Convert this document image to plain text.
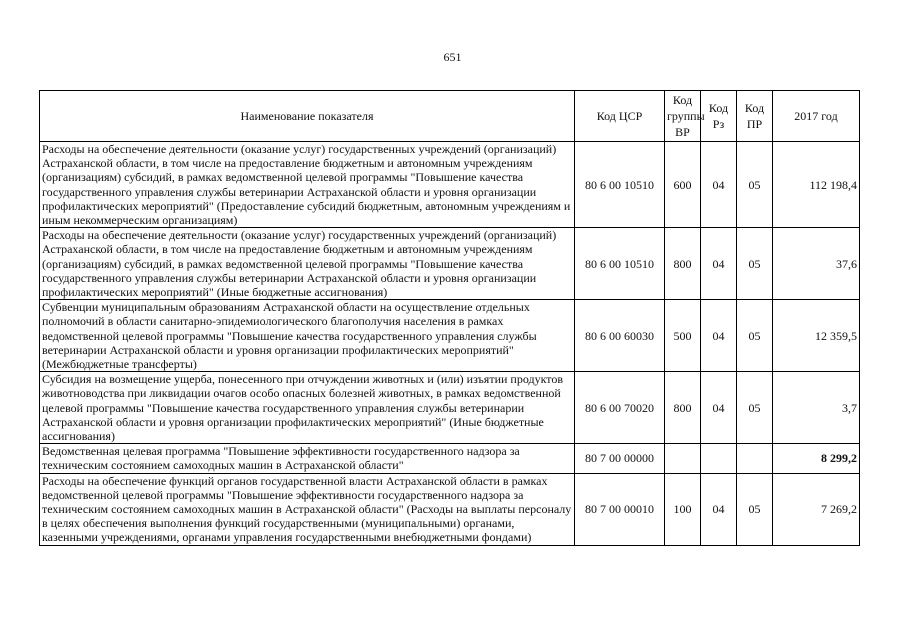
651
Наименование показателя	Код ЦСР	Код группы ВР	Код Рз	Код ПР	2017 год
Расходы на обеспечение деятельности (оказание услуг) государственных учреждений (организаций) Астраханской области, в том числе на предоставление бюджетным и автономным учреждениям (организациям) субсидий, в рамках ведомственной целевой программы "Повышение качества государственного управления службы ветеринарии Астраханской области и уровня организации профилактических мероприятий" (Предоставление субсидий бюджетным, автономным учреждениям и иным некоммерческим организациям)	80 6 00 10510	600	04	05	112 198,4
Расходы на обеспечение деятельности (оказание услуг) государственных учреждений (организаций) Астраханской области, в том числе на предоставление бюджетным и автономным учреждениям (организациям) субсидий, в рамках ведомственной целевой программы "Повышение качества государственного управления службы ветеринарии Астраханской области и уровня организации профилактических мероприятий" (Иные бюджетные ассигнования)	80 6 00 10510	800	04	05	37,6
Субвенции муниципальным образованиям Астраханской области на осуществление отдельных полномочий в области санитарно-эпидемиологического благополучия населения в рамках ведомственной целевой программы "Повышение качества государственного управления службы ветеринарии Астраханской области и уровня организации профилактических мероприятий" (Межбюджетные трансферты)	80 6 00 60030	500	04	05	12 359,5
Субсидия на возмещение ущерба, понесенного при отчуждении животных и (или) изъятии продуктов животноводства при ликвидации очагов особо опасных болезней животных, в рамках ведомственной целевой программы "Повышение качества государственного управления службы ветеринарии Астраханской области и уровня организации профилактических мероприятий" (Иные бюджетные ассигнования)	80 6 00 70020	800	04	05	3,7
Ведомственная целевая программа "Повышение эффективности государственного надзора за техническим состоянием самоходных машин в Астраханской области"	80 7 00 00000				8 299,2
Расходы на обеспечение функций органов государственной власти Астраханской области в рамках ведомственной целевой программы "Повышение эффективности государственного надзора за техническим состоянием самоходных машин в Астраханской области" (Расходы на выплаты персоналу в целях обеспечения выполнения функций государственными (муниципальными) органами, казенными учреждениями, органами управления государственными внебюджетными фондами)	80 7 00 00010	100	04	05	7 269,2
